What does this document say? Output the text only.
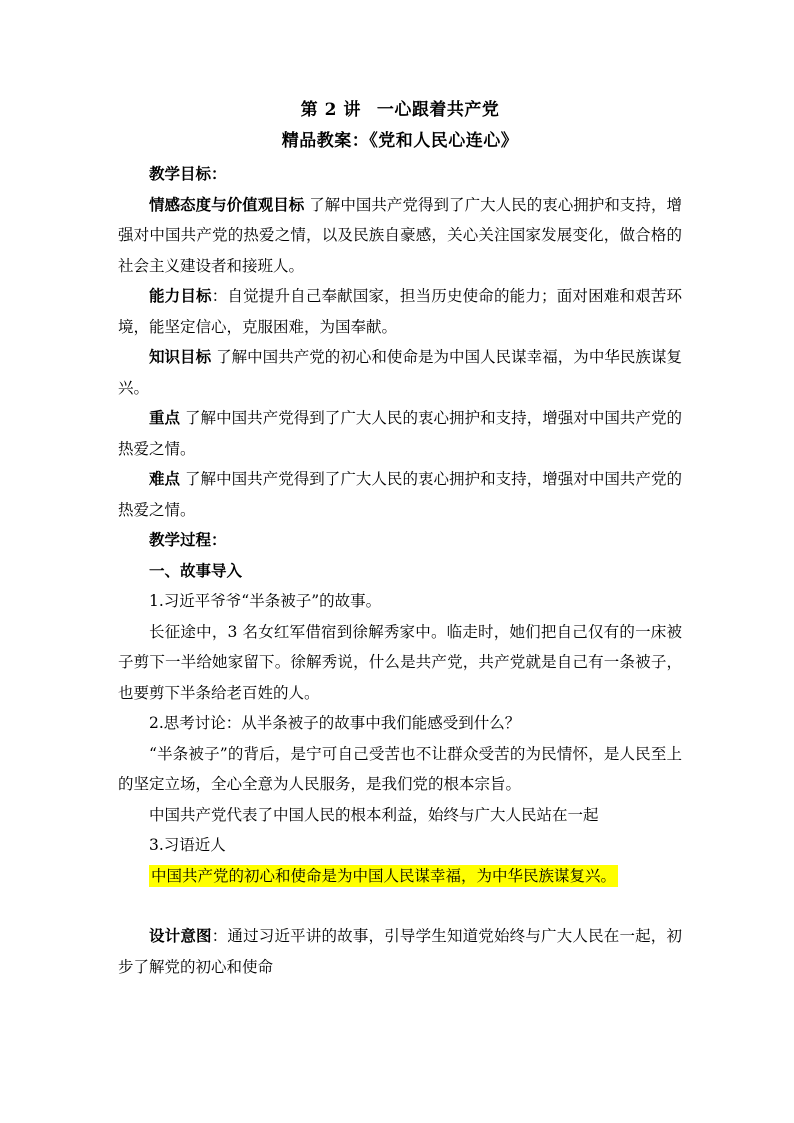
第 2 讲 一心跟着共产党
精品教案：《党和人民心连心》

教学目标：

情感态度与价值观目标 了解中国共产党得到了广大人民的衷心拥护和支持，增强对中国共产党的热爱之情，以及民族自豪感，关心关注国家发展变化，做合格的社会主义建设者和接班人。

能力目标：自觉提升自己奉献国家，担当历史使命的能力；面对困难和艰苦环境，能坚定信心，克服困难，为国奉献。

知识目标 了解中国共产党的初心和使命是为中国人民谋幸福，为中华民族谋复兴。

重点 了解中国共产党得到了广大人民的衷心拥护和支持，增强对中国共产党的热爱之情。

难点 了解中国共产党得到了广大人民的衷心拥护和支持，增强对中国共产党的热爱之情。

教学过程：

一、故事导入

1.习近平爷爷“半条被子”的故事。

长征途中，3 名女红军借宿到徐解秀家中。临走时，她们把自己仅有的一床被子剪下一半给她家留下。徐解秀说，什么是共产党，共产党就是自己有一条被子，也要剪下半条给老百姓的人。

2.思考讨论：从半条被子的故事中我们能感受到什么？

“半条被子”的背后，是宁可自己受苦也不让群众受苦的为民情怀，是人民至上的坚定立场，全心全意为人民服务，是我们党的根本宗旨。

中国共产党代表了中国人民的根本利益，始终与广大人民站在一起

3.习语近人

中国共产党的初心和使命是为中国人民谋幸福，为中华民族谋复兴。

设计意图：通过习近平讲的故事，引导学生知道党始终与广大人民在一起，初步了解党的初心和使命
